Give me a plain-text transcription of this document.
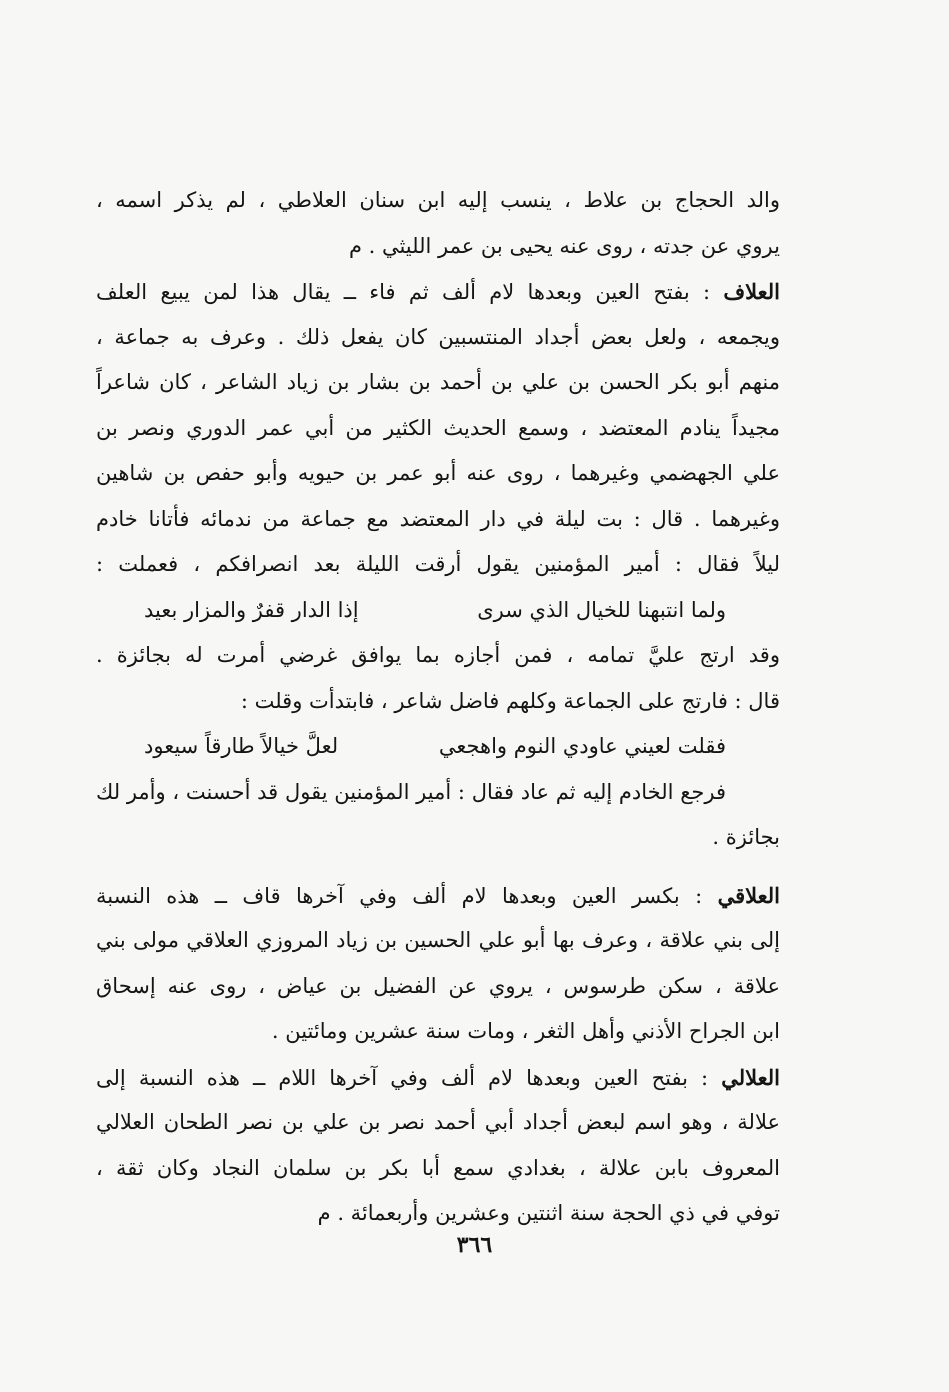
والد الحجاج بن علاط ، ينسب إليه ابن سنان العلاطي ، لم يذكر اسمه ،
يروي عن جدته ، روى عنه يحيى بن عمر الليثي . م
العلاف : بفتح العين وبعدها لام ألف ثم فاء ــ يقال هذا لمن يبيع العلف
ويجمعه ، ولعل بعض أجداد المنتسبين كان يفعل ذلك . وعرف به جماعة ،
منهم أبو بكر الحسن بن علي بن أحمد بن بشار بن زياد الشاعر ، كان شاعراً
مجيداً ينادم المعتضد ، وسمع الحديث الكثير من أبي عمر الدوري ونصر بن
علي الجهضمي وغيرهما ، روى عنه أبو عمر بن حيويه وأبو حفص بن شاهين
وغيرهما . قال : بت ليلة في دار المعتضد مع جماعة من ندمائه فأتانا خادم
ليلاً فقال : أمير المؤمنين يقول أرقت الليلة بعد انصرافكم ، فعملت :
ولما انتبهنا للخيال الذي سرى
إذا الدار قفرٌ والمزار بعيد
وقد ارتج عليَّ تمامه ، فمن أجازه بما يوافق غرضي أمرت له بجائزة .
قال : فارتج على الجماعة وكلهم فاضل شاعر ، فابتدأت وقلت :
فقلت لعيني عاودي النوم واهجعي
لعلَّ خيالاً طارقاً سيعود
فرجع الخادم إليه ثم عاد فقال : أمير المؤمنين يقول قد أحسنت ، وأمر لك
بجائزة .
العلاقي : بكسر العين وبعدها لام ألف وفي آخرها قاف ــ هذه النسبة
إلى بني علاقة ، وعرف بها أبو علي الحسين بن زياد المروزي العلاقي مولى بني
علاقة ، سكن طرسوس ، يروي عن الفضيل بن عياض ، روى عنه إسحاق
ابن الجراح الأذني وأهل الثغر ، ومات سنة عشرين ومائتين .
العلالي : بفتح العين وبعدها لام ألف وفي آخرها اللام ــ هذه النسبة إلى
علالة ، وهو اسم لبعض أجداد أبي أحمد نصر بن علي بن نصر الطحان العلالي
المعروف بابن علالة ، بغدادي سمع أبا بكر بن سلمان النجاد وكان ثقة ،
توفي في ذي الحجة سنة اثنتين وعشرين وأربعمائة . م
٣٦٦
